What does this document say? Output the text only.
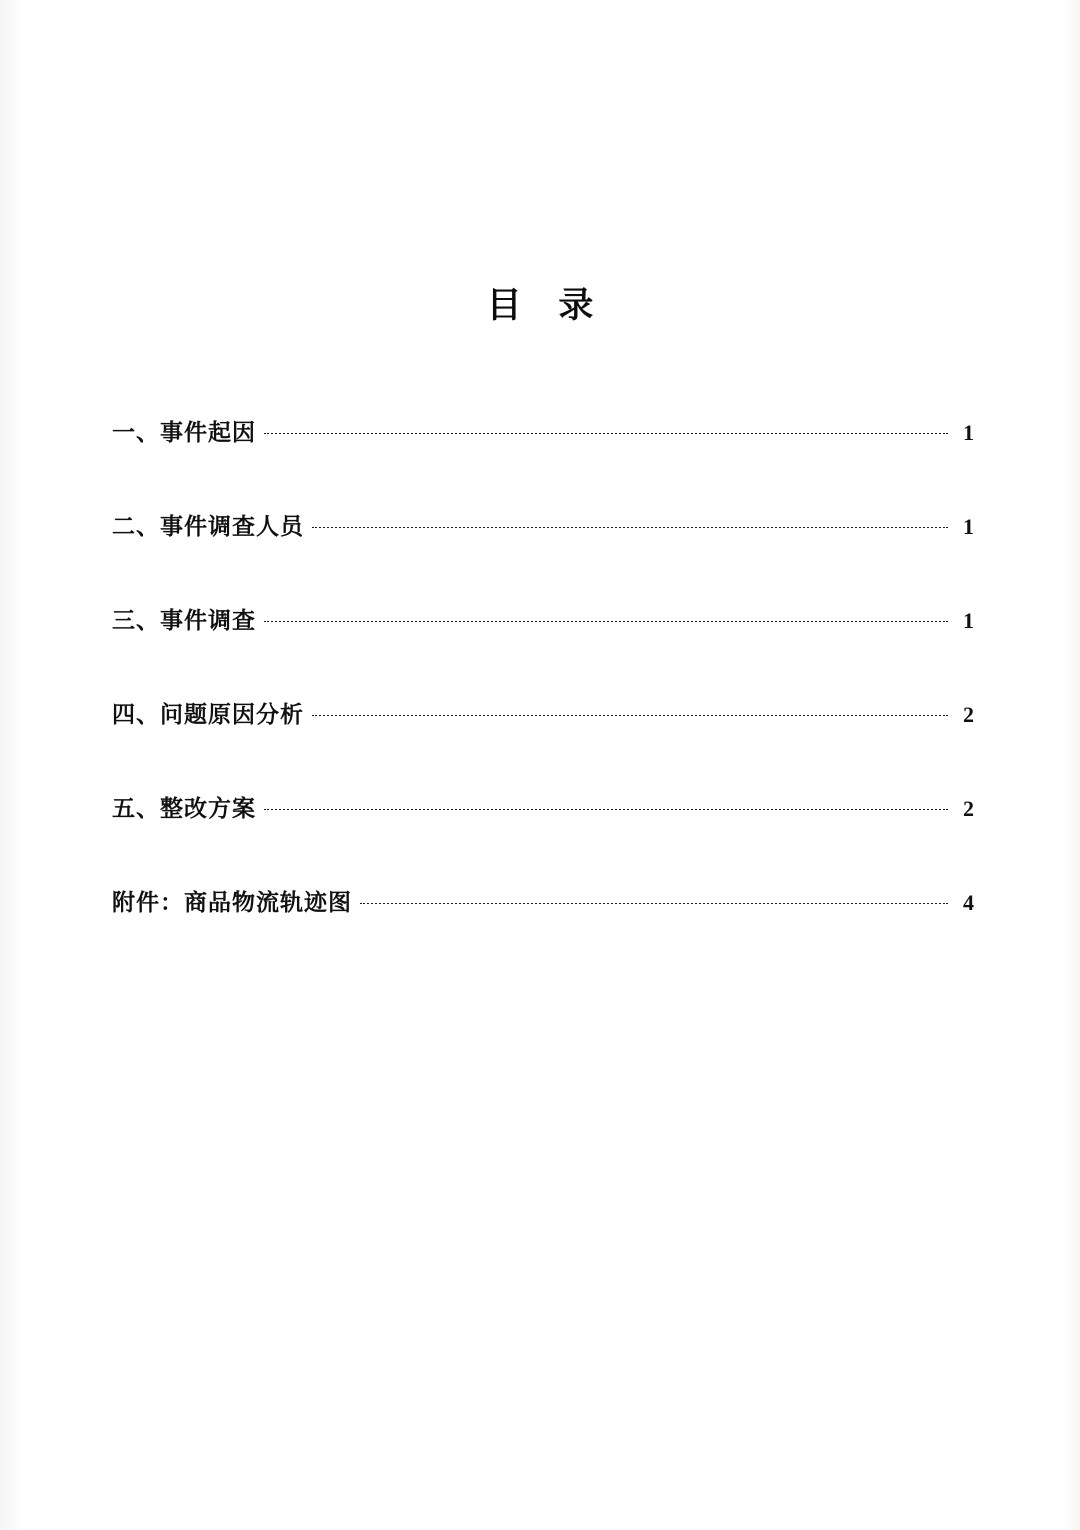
目 录
一、事件起因	1
二、事件调查人员	1
三、事件调查	1
四、问题原因分析	2
五、整改方案	2
附件：商品物流轨迹图	4
